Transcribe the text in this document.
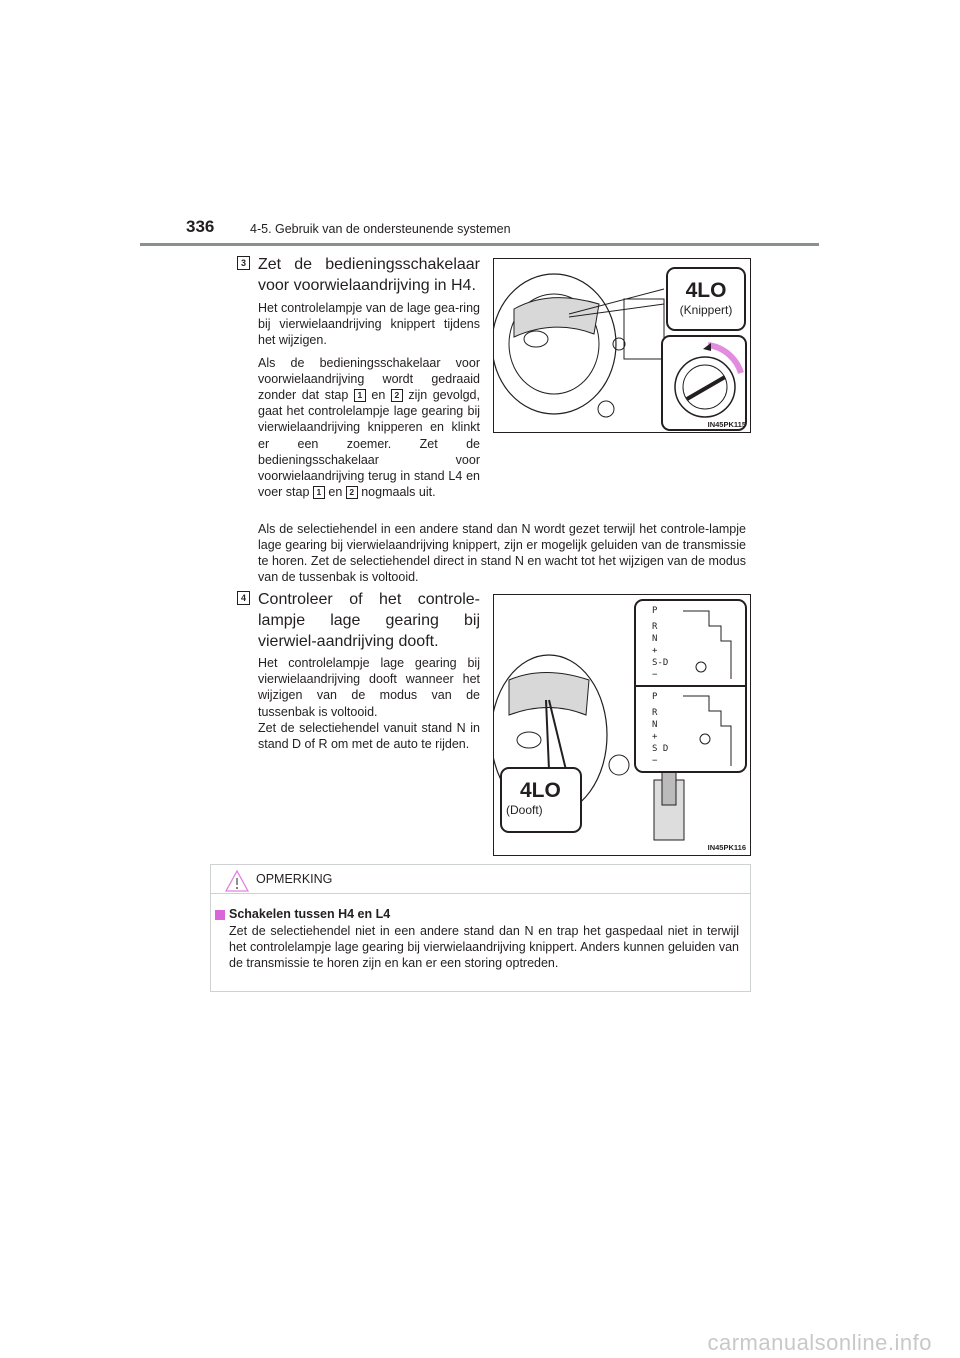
336	4-5. Gebruik van de ondersteunende systemen
3 Zet de bedieningsschakelaar voor voorwielaandrijving in H4.

Het controlelampje van de lage gea-ring bij vierwielaandrijving knippert tijdens het wijzigen.

Als de bedieningsschakelaar voor voorwielaandrijving wordt gedraaid zonder dat stap 1 en 2 zijn gevolgd, gaat het controlelampje lage gearing bij vierwielaandrijving knipperen en klinkt er een zoemer. Zet de bedieningsschakelaar voor voorwielaandrijving terug in stand L4 en voer stap 1 en 2 nogmaals uit.

4LO
(Knippert)
IN45PK115
Als de selectiehendel in een andere stand dan N wordt gezet terwijl het controle-lampje lage gearing bij vierwielaandrijving knippert, zijn er mogelijk geluiden van de transmissie te horen. Zet de selectiehendel direct in stand N en wacht tot het wijzigen van de modus van de tussenbak is voltooid.
4 Controleer of het controle-lampje lage gearing bij vierwiel-aandrijving dooft.

Het controlelampje lage gearing bij vierwielaandrijving dooft wanneer het wijzigen van de modus van de tussenbak is voltooid.

Zet de selectiehendel vanuit stand N in stand D of R om met de auto te rijden.

P
R
N
+
S-D
−
P
R
N
+
S D
−
4LO
(Dooft)
IN45PK116
OPMERKING
Schakelen tussen H4 en L4
Zet de selectiehendel niet in een andere stand dan N en trap het gaspedaal niet in terwijl het controlelampje lage gearing bij vierwielaandrijving knippert. Anders kunnen geluiden van de transmissie te horen zijn en kan er een storing optreden.
carmanualsonline.info
